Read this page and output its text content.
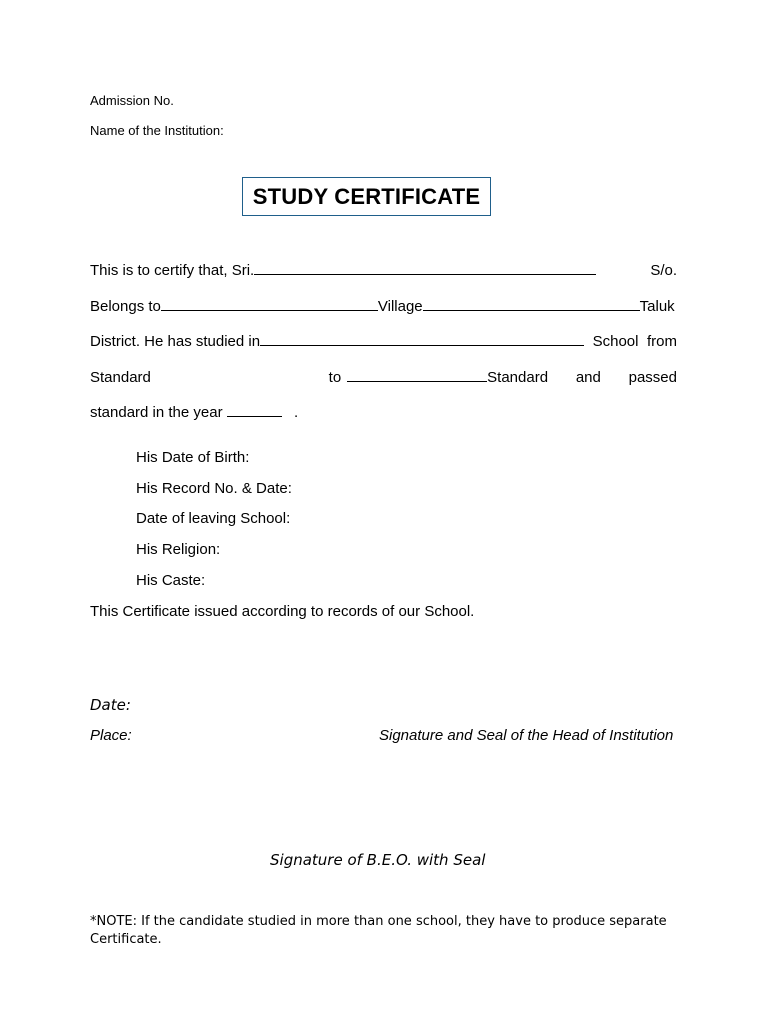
Admission No.
Name of the Institution:
STUDY CERTIFICATE
This is to certify that, Sri.	S/o.
Belongs to	Village	Taluk
District. He has studied in	School from
Standard	to	Standard and passed
standard in the year	.
His Date of Birth:
His Record No. & Date:
Date of leaving School:
His Religion:
His Caste:
This Certificate issued according to records of our School.
Date:
Place:	Signature and Seal of the Head of Institution
Signature of B.E.O. with Seal
*NOTE: If the candidate studied in more than one school, they have to produce separate Certificate.
